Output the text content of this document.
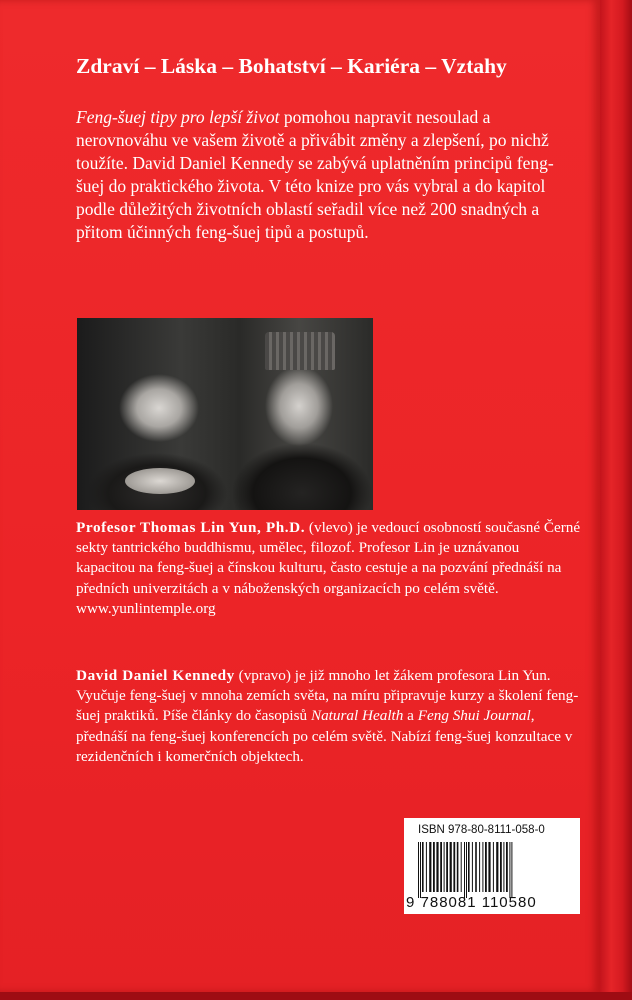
Zdraví – Láska – Bohatství – Kariéra – Vztahy

Feng-šuej tipy pro lepší život pomohou napravit nesoulad a nerovnováhu ve vašem životě a přivábit změny a zlepšení, po nichž toužíte. David Daniel Kennedy se zabývá uplatněním principů feng-šuej do praktického života. V této knize pro vás vybral a do kapitol podle důležitých životních oblastí seřadil více než 200 snadných a přitom účinných feng-šuej tipů a postupů.

Profesor Thomas Lin Yun, Ph.D. (vlevo) je vedoucí osobností současné Černé sekty tantrického buddhismu, umělec, filozof. Profesor Lin je uznávanou kapacitou na feng-šuej a čínskou kulturu, často cestuje a na pozvání přednáší na předních univerzitách a v náboženských organizacích po celém světě.
www.yunlintemple.org

David Daniel Kennedy (vpravo) je již mnoho let žákem profesora Lin Yun. Vyučuje feng-šuej v mnoha zemích světa, na míru připravuje kurzy a školení feng-šuej praktiků. Píše články do časopisů Natural Health a Feng Shui Journal, přednáší na feng-šuej konferencích po celém světě. Nabízí feng-šuej konzultace v rezidenčních i komerčních objektech.

ISBN 978-80-8111-058-0
9 788081 110580
